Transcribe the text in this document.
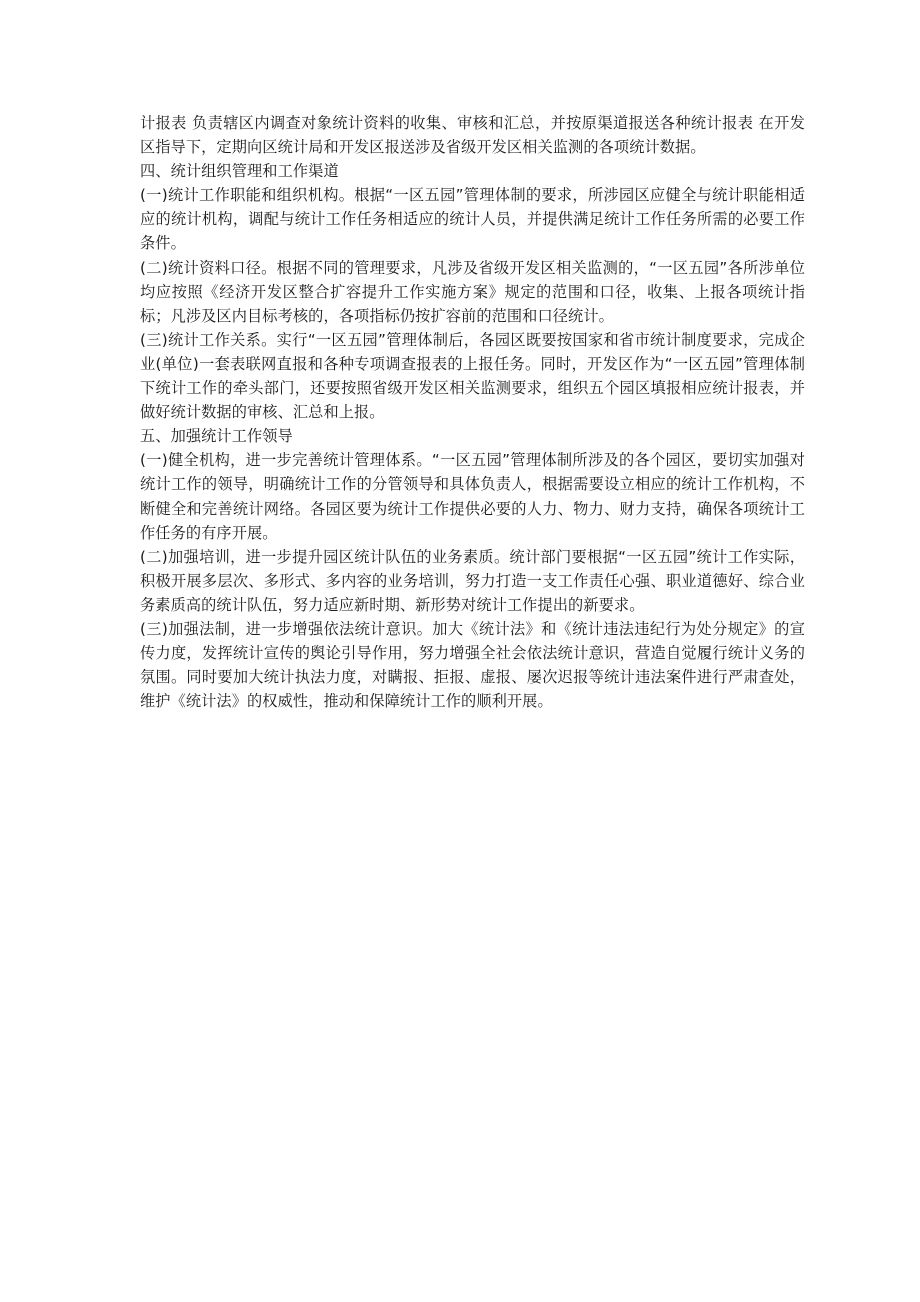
计报表 负责辖区内调查对象统计资料的收集、审核和汇总，并按原渠道报送各种统计报表 在开发区指导下，定期向区统计局和开发区报送涉及省级开发区相关监测的各项统计数据。

四、统计组织管理和工作渠道

(一)统计工作职能和组织机构。根据“一区五园”管理体制的要求，所涉园区应健全与统计职能相适应的统计机构，调配与统计工作任务相适应的统计人员，并提供满足统计工作任务所需的必要工作条件。

(二)统计资料口径。根据不同的管理要求，凡涉及省级开发区相关监测的，“一区五园”各所涉单位均应按照《经济开发区整合扩容提升工作实施方案》规定的范围和口径，收集、上报各项统计指标；凡涉及区内目标考核的，各项指标仍按扩容前的范围和口径统计。

(三)统计工作关系。实行“一区五园”管理体制后，各园区既要按国家和省市统计制度要求，完成企业(单位)一套表联网直报和各种专项调查报表的上报任务。同时，开发区作为“一区五园”管理体制下统计工作的牵头部门，还要按照省级开发区相关监测要求，组织五个园区填报相应统计报表，并做好统计数据的审核、汇总和上报。

五、加强统计工作领导

(一)健全机构，进一步完善统计管理体系。“一区五园”管理体制所涉及的各个园区，要切实加强对统计工作的领导，明确统计工作的分管领导和具体负责人，根据需要设立相应的统计工作机构，不断健全和完善统计网络。各园区要为统计工作提供必要的人力、物力、财力支持，确保各项统计工作任务的有序开展。

(二)加强培训，进一步提升园区统计队伍的业务素质。统计部门要根据“一区五园”统计工作实际，积极开展多层次、多形式、多内容的业务培训，努力打造一支工作责任心强、职业道德好、综合业务素质高的统计队伍，努力适应新时期、新形势对统计工作提出的新要求。

(三)加强法制，进一步增强依法统计意识。加大《统计法》和《统计违法违纪行为处分规定》的宣传力度，发挥统计宣传的舆论引导作用，努力增强全社会依法统计意识，营造自觉履行统计义务的氛围。同时要加大统计执法力度，对瞒报、拒报、虚报、屡次迟报等统计违法案件进行严肃查处，维护《统计法》的权威性，推动和保障统计工作的顺利开展。
